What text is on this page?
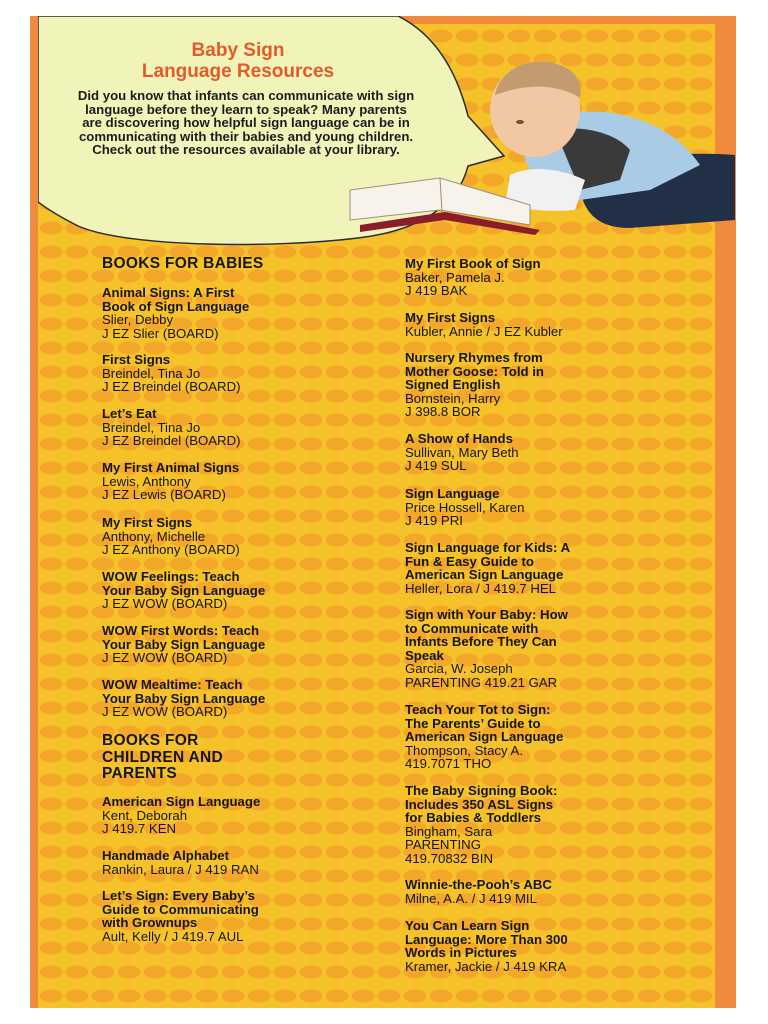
Baby Sign
Language Resources
Did you know that infants can communicate with sign language before they learn to speak? Many parents are discovering how helpful sign language can be in communicating with their babies and young children. Check out the resources available at your library.
BOOKS FOR BABIES
Animal Signs: A First
Book of Sign Language
Slier, Debby
J EZ Slier (BOARD)
First Signs
Breindel, Tina Jo
J EZ Breindel (BOARD)
Let’s Eat
Breindel, Tina Jo
J EZ Breindel (BOARD)
My First Animal Signs
Lewis, Anthony
J EZ Lewis (BOARD)
My First Signs
Anthony, Michelle
J EZ Anthony (BOARD)
WOW Feelings: Teach
Your Baby Sign Language
J EZ WOW (BOARD)
WOW First Words: Teach
Your Baby Sign Language
J EZ WOW (BOARD)
WOW Mealtime: Teach
Your Baby Sign Language
J EZ WOW (BOARD)
BOOKS FOR
CHILDREN AND
PARENTS
American Sign Language
Kent, Deborah
J 419.7 KEN
Handmade Alphabet
Rankin, Laura / J 419 RAN
Let’s Sign: Every Baby’s
Guide to Communicating
with Grownups
Ault, Kelly / J 419.7 AUL
My First Book of Sign
Baker, Pamela J.
J 419 BAK
My First Signs
Kubler, Annie / J EZ Kubler
Nursery Rhymes from
Mother Goose: Told in
Signed English
Bornstein, Harry
J 398.8 BOR
A Show of Hands
Sullivan, Mary Beth
J 419 SUL
Sign Language
Price Hossell, Karen
J 419 PRI
Sign Language for Kids: A
Fun & Easy Guide to
American Sign Language
Heller, Lora / J 419.7 HEL
Sign with Your Baby: How
to Communicate with
Infants Before They Can
Speak
Garcia, W. Joseph
PARENTING 419.21 GAR
Teach Your Tot to Sign:
The Parents’ Guide to
American Sign Language
Thompson, Stacy A.
419.7071 THO
The Baby Signing Book:
Includes 350 ASL Signs
for Babies & Toddlers
Bingham, Sara
PARENTING
419.70832 BIN
Winnie-the-Pooh’s ABC
Milne, A.A. / J 419 MIL
You Can Learn Sign
Language: More Than 300
Words in Pictures
Kramer, Jackie / J 419 KRA
